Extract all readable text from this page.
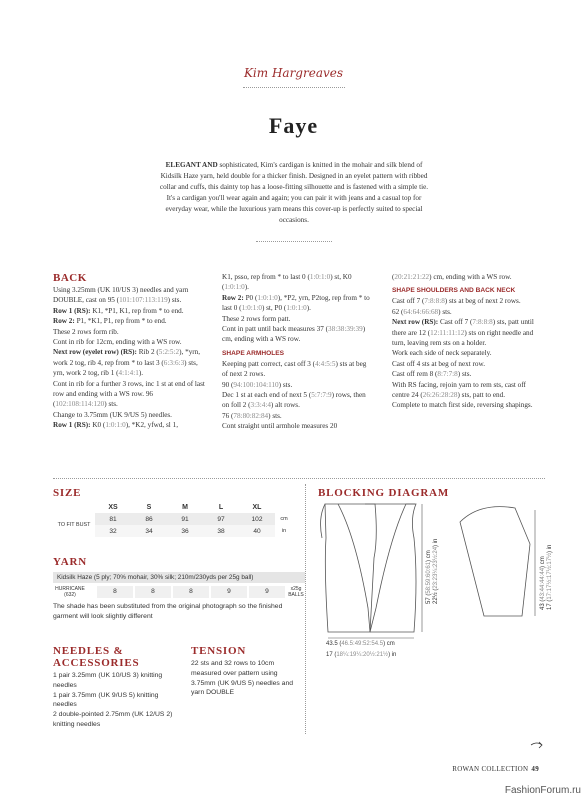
Kim Hargreaves
Faye
ELEGANT AND sophisticated, Kim's cardigan is knitted in the mohair and silk blend of Kidsilk Haze yarn, held double for a thicker finish. Designed in an eyelet pattern with ribbed collar and cuffs, this dainty top has a loose-fitting silhouette and is fastened with a simple tie. It's a cardigan you'll wear again and again; you can pair it with jeans and a casual top for everyday wear, while the luxurious yarn means this cover-up is perfectly suited to special occasions.
BACK

Using 3.25mm (UK 10/US 3) needles and yarn DOUBLE, cast on 95 (101:107:113:119) sts.

Row 1 (RS): K1, *P1, K1, rep from * to end.

Row 2: P1, *K1, P1, rep from * to end.

These 2 rows form rib.

Cont in rib for 12cm, ending with a WS row.

Next row (eyelet row) (RS): Rib 2 (5:2:5:2), *yrn, work 2 tog, rib 4, rep from * to last 3 (6:3:6:3) sts, yrn, work 2 tog, rib 1 (4:1:4:1).

Cont in rib for a further 3 rows, inc 1 st at end of last row and ending with a WS row. 96 (102:108:114:120) sts.

Change to 3.75mm (UK 9/US 5) needles.

Row 1 (RS): K0 (1:0:1:0), *K2, yfwd, sl 1,

K1, psso, rep from * to last 0 (1:0:1:0) st, K0 (1:0:1:0).

Row 2: P0 (1:0:1:0), *P2, yrn, P2tog, rep from * to last 0 (1:0:1:0) st, P0 (1:0:1:0).

These 2 rows form patt.

Cont in patt until back measures 37 (38:38:39:39) cm, ending with a WS row.

SHAPE ARMHOLES

Keeping patt correct, cast off 3 (4:4:5:5) sts at beg of next 2 rows.

90 (94:100:104:110) sts.

Dec 1 st at each end of next 5 (5:7:7:9) rows, then on foll 2 (3:3:4:4) alt rows.

76 (78:80:82:84) sts.

Cont straight until armhole measures 20

(20:21:21:22) cm, ending with a WS row.

SHAPE SHOULDERS AND BACK NECK

Cast off 7 (7:8:8:8) sts at beg of next 2 rows.

62 (64:64:66:68) sts.

Next row (RS): Cast off 7 (7:8:8:8) sts, patt until there are 12 (12:11:11:12) sts on right needle and turn, leaving rem sts on a holder.

Work each side of neck separately.

Cast off 4 sts at beg of next row.

Cast off rem 8 (8:7:7:8) sts.

With RS facing, rejoin yarn to rem sts, cast off centre 24 (26:26:28:28) sts, patt to end.

Complete to match first side, reversing shapings.

SIZE
	XS	S	M	L	XL	
TO FIT BUST	81	86	91	97	102	cm
	32	34	36	38	40	in
YARN
Kidsilk Haze (5 ply; 70% mohair, 30% silk; 210m/230yds per 25g ball)
HURRICANE (632)	8	8	8	9	9	x25g BALLS
The shade has been substituted from the original photograph so the finished garment will look slightly different
NEEDLES & ACCESSORIES
1 pair 3.25mm (UK 10/US 3) knitting needles
1 pair 3.75mm (UK 9/US 5) knitting needles
2 double-pointed 2.75mm (UK 12/US 2) knitting needles
TENSION
22 sts and 32 rows to 10cm measured over pattern using 3.75mm (UK 9/US 5) needles and yarn DOUBLE
BLOCKING DIAGRAM
57 (58:59:60:61) cm
22½ (23:23¼:23½:24) in
43 (43:44:44:44) cm
17 (17:17½:17½:17½) in
43.5 (46.5:49:52:54.5) cm
17 (18¼:19¼:20½:21½) in
ROWAN COLLECTION 49
FashionForum.ru
